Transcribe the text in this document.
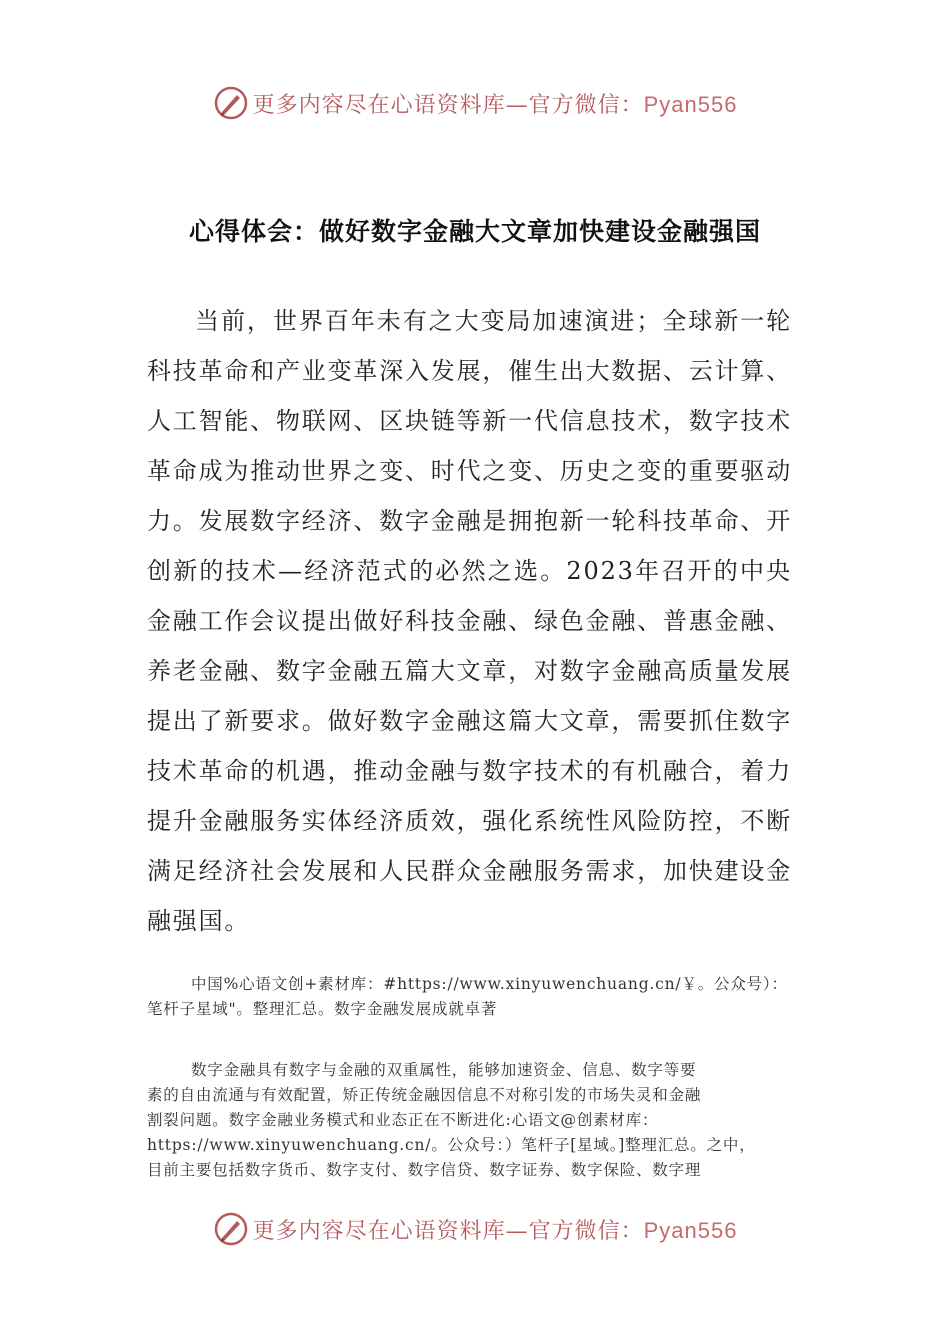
更多内容尽在心语资料库—官方微信：Pyan556
心得体会：做好数字金融大文章加快建设金融强国
当前，世界百年未有之大变局加速演进；全球新一轮科技革命和产业变革深入发展，催生出大数据、云计算、人工智能、物联网、区块链等新一代信息技术，数字技术革命成为推动世界之变、时代之变、历史之变的重要驱动力。发展数字经济、数字金融是拥抱新一轮科技革命、开创新的技术—经济范式的必然之选。2023年召开的中央金融工作会议提出做好科技金融、绿色金融、普惠金融、养老金融、数字金融五篇大文章，对数字金融高质量发展提出了新要求。做好数字金融这篇大文章，需要抓住数字技术革命的机遇，推动金融与数字技术的有机融合，着力提升金融服务实体经济质效，强化系统性风险防控，不断满足经济社会发展和人民群众金融服务需求，加快建设金融强国。
中国%心语文创+素材库：#https://www.xinyuwenchuang.cn/￥。公众号）：
笔杆子星域"。整理汇总。数字金融发展成就卓著
数字金融具有数字与金融的双重属性，能够加速资金、信息、数字等要
素的自由流通与有效配置，矫正传统金融因信息不对称引发的市场失灵和金融
割裂问题。数字金融业务模式和业态正在不断进化:心语文@创素材库：
https://www.xinyuwenchuang.cn/。公众号：）笔杆子[星域。]整理汇总。之中，
目前主要包括数字货币、数字支付、数字信贷、数字证券、数字保险、数字理
更多内容尽在心语资料库—官方微信：Pyan556
